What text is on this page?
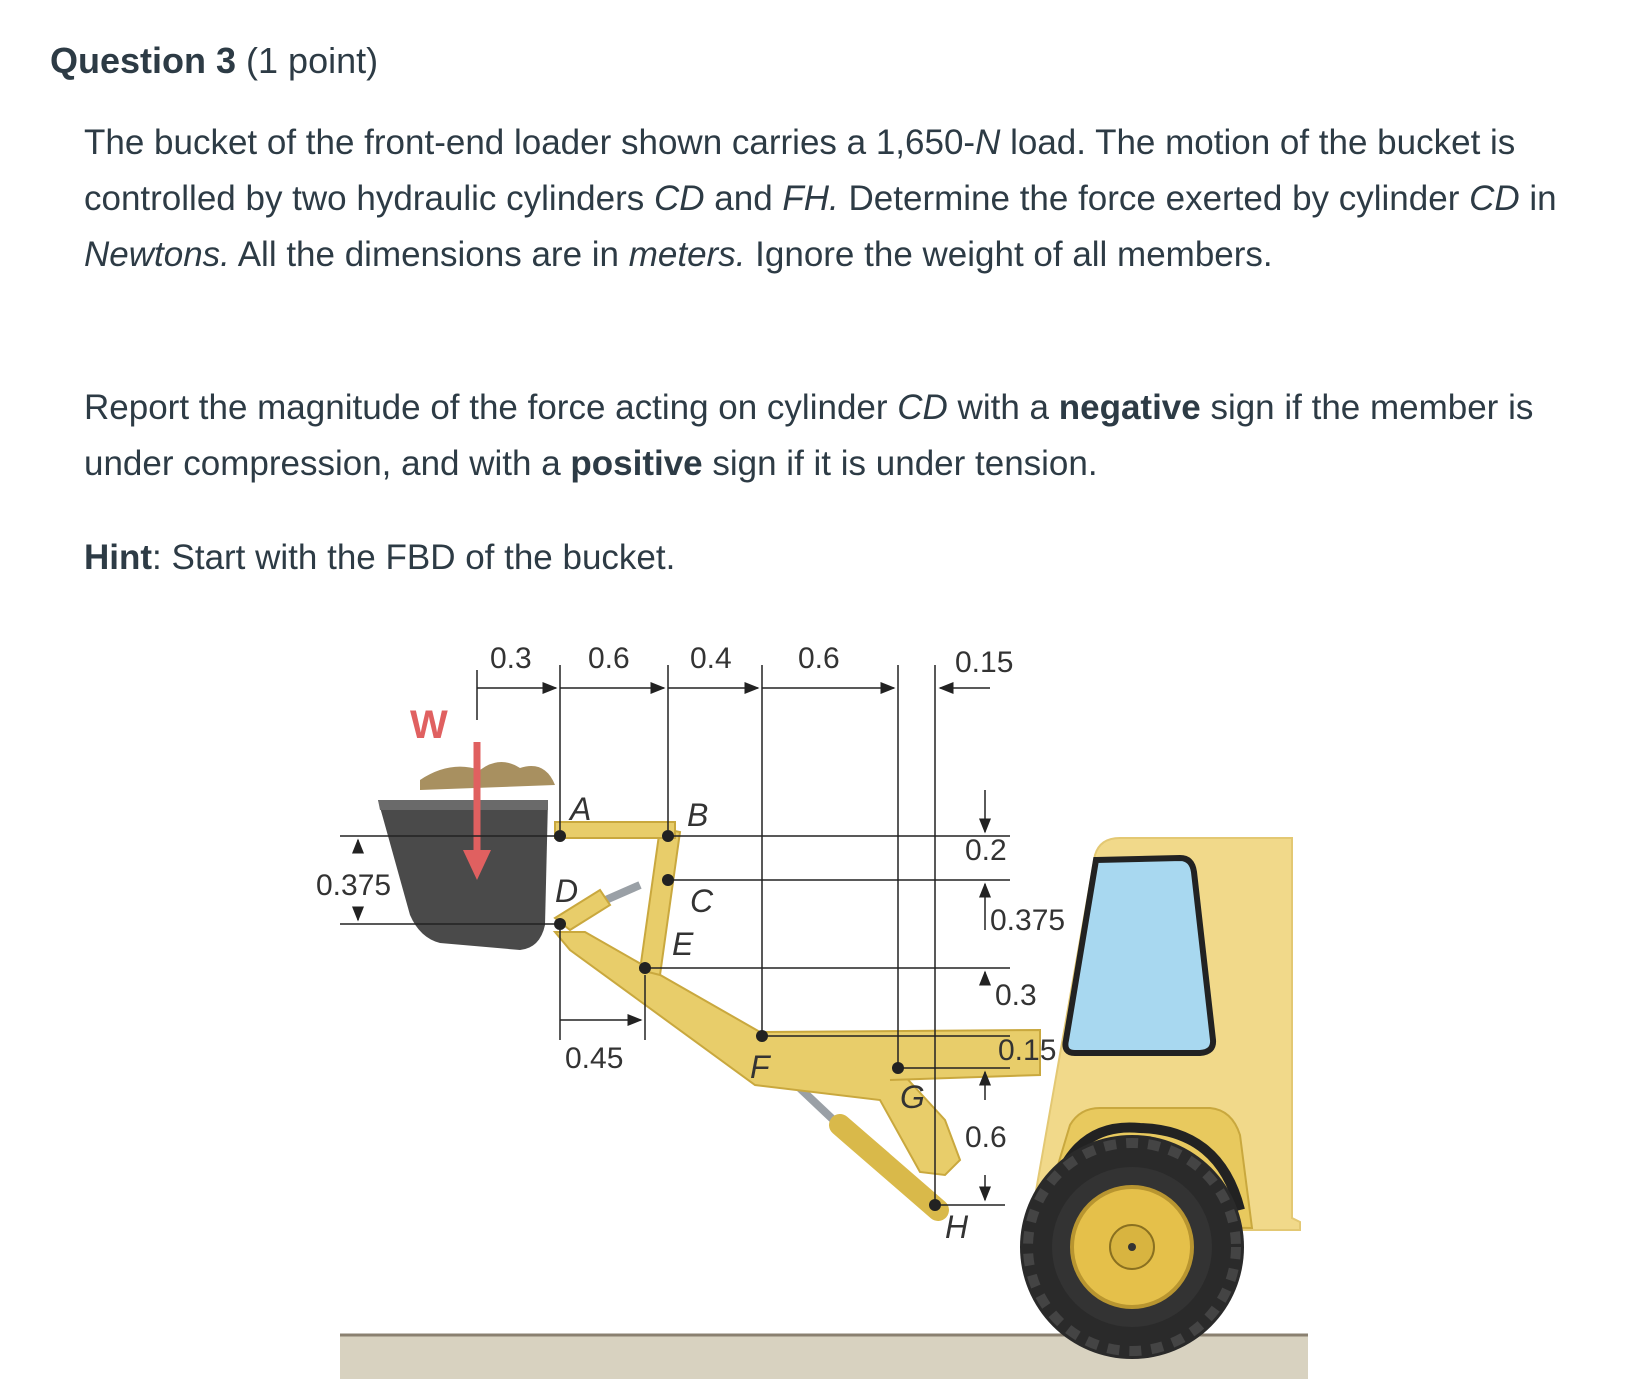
Question 3 (1 point)
The bucket of the front-end loader shown carries a 1,650-N load. The motion of the bucket is controlled by two hydraulic cylinders CD and FH. Determine the force exerted by cylinder CD in Newtons. All the dimensions are in meters. Ignore the weight of all members.
Report the magnitude of the force acting on cylinder CD with a negative sign if the member is under compression, and with a positive sign if it is under tension.
Hint: Start with the FBD of the bucket.
W
0.3 0.6 0.4 0.6	0.15
0.375
0.45
0.2
0.375
0.3
0.15
0.6
A	B
C
D
E
F
G
H
